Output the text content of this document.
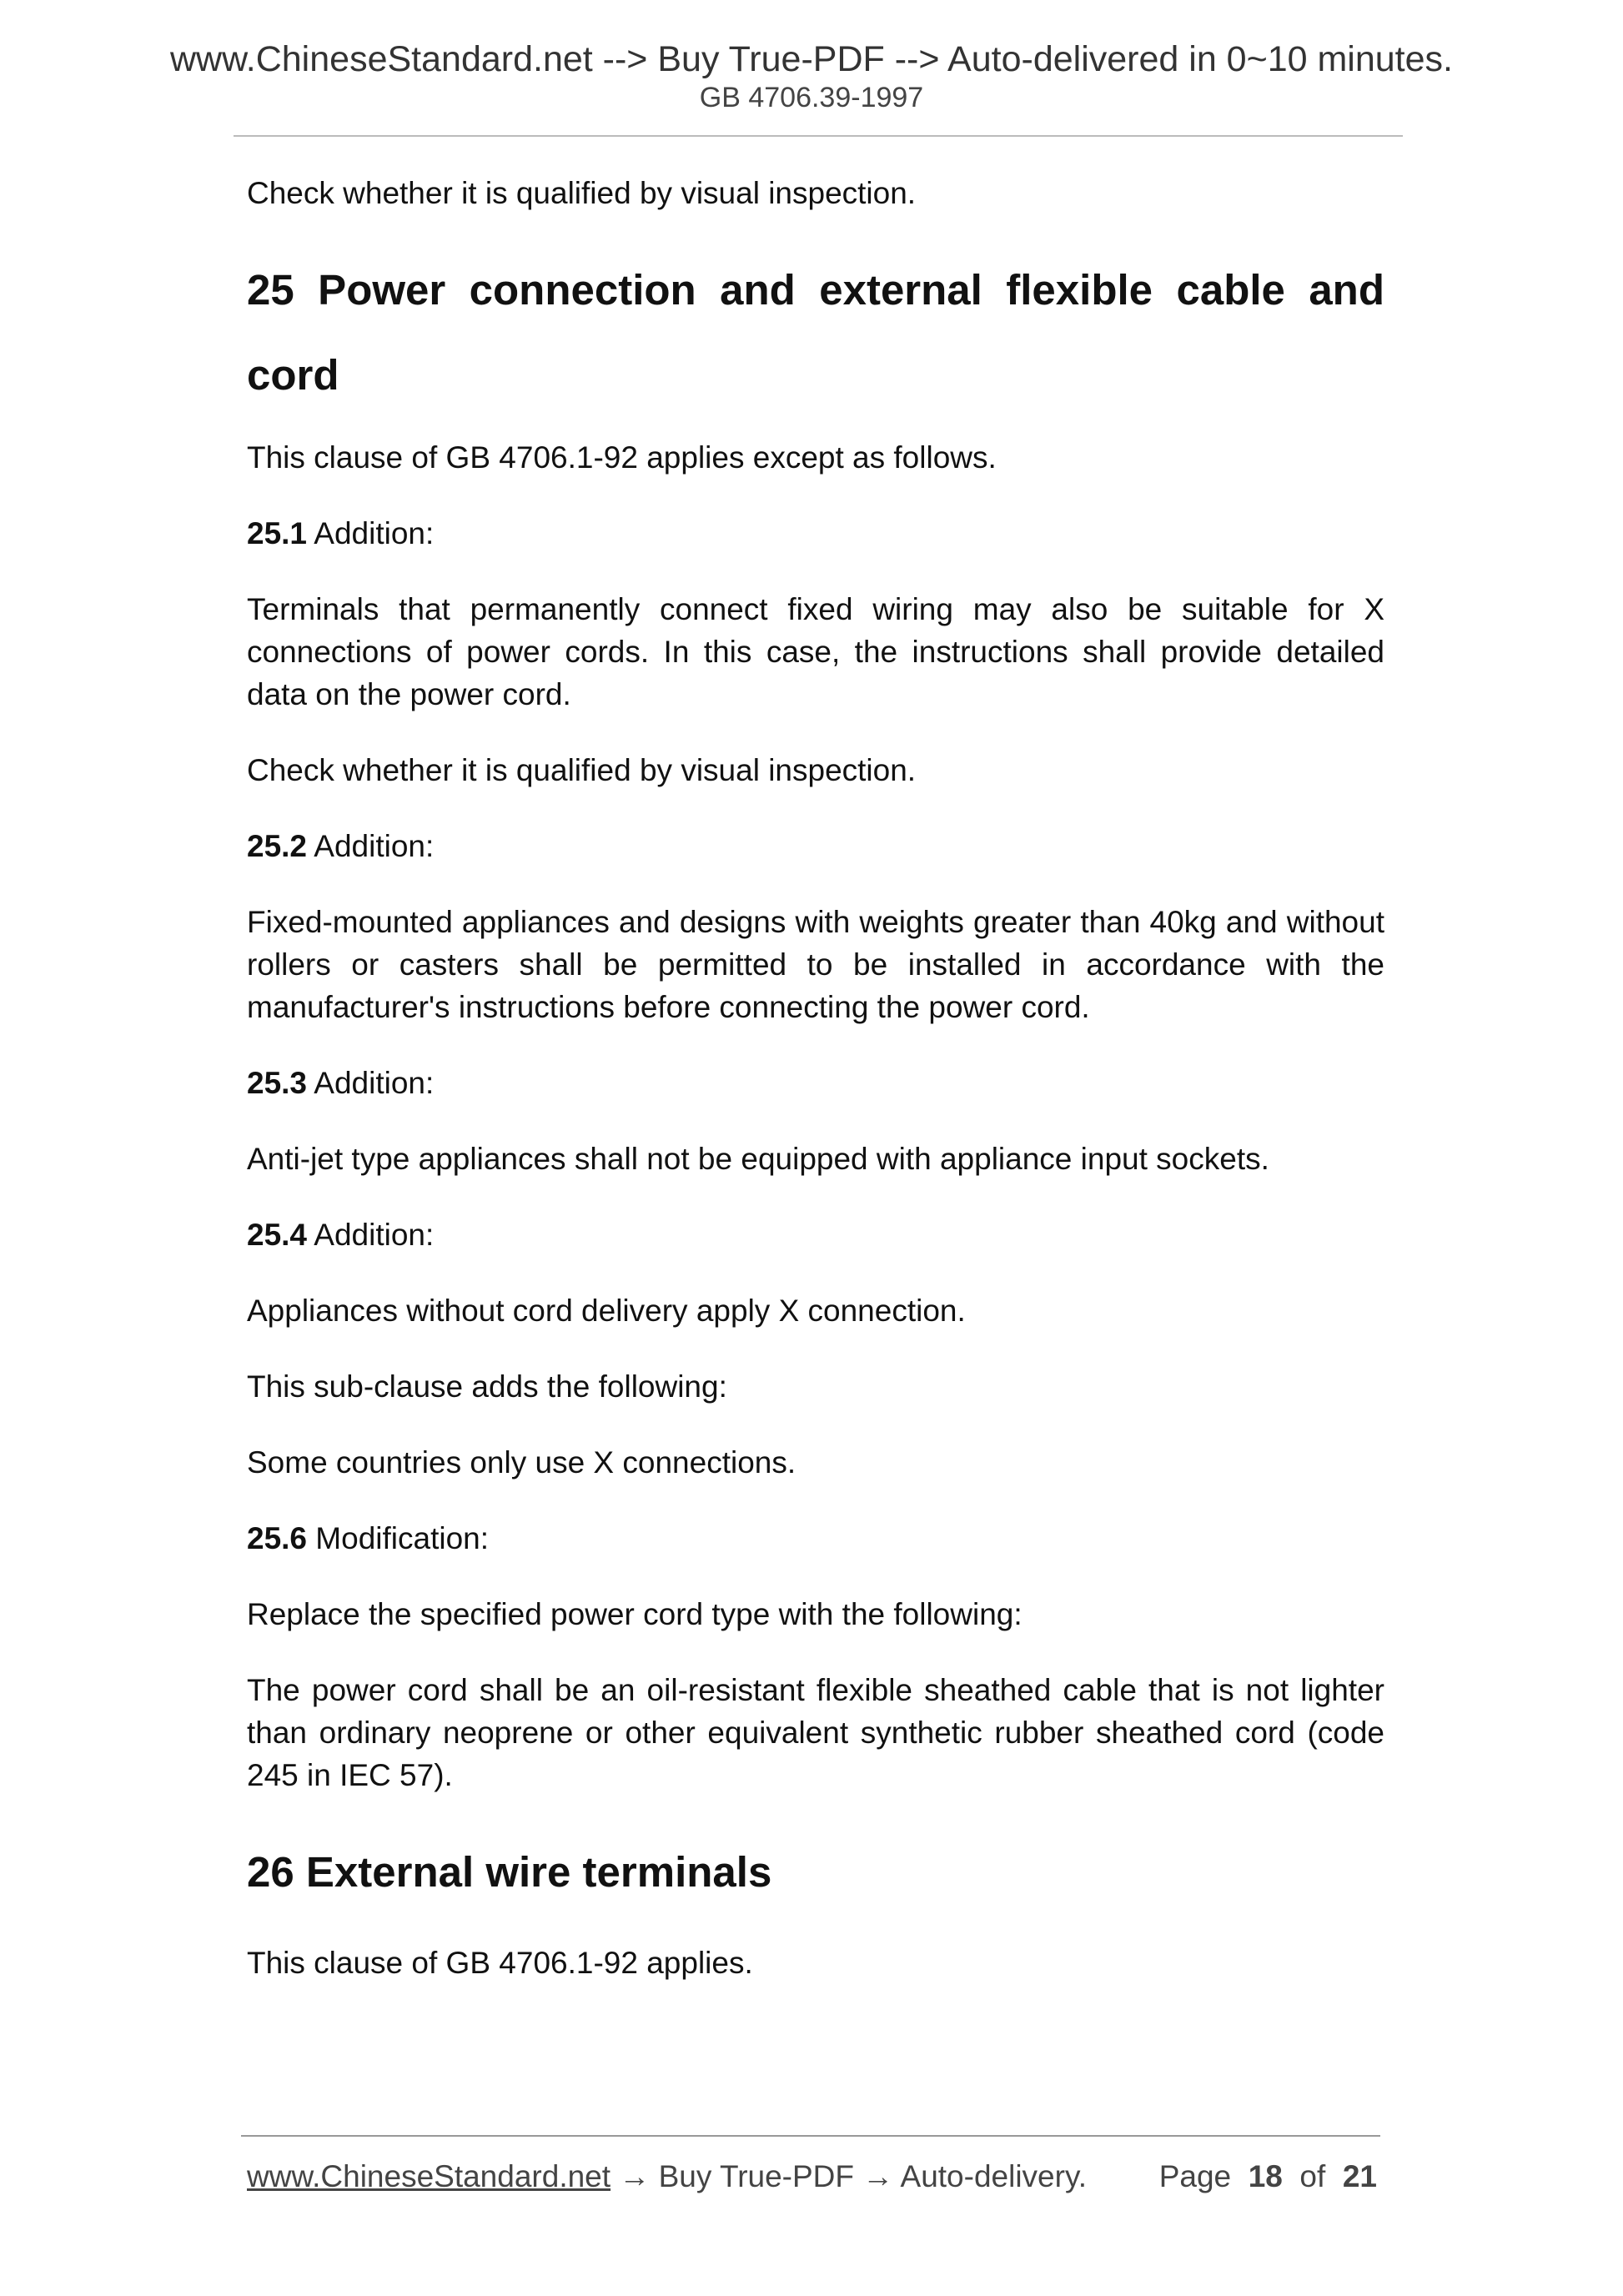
www.ChineseStandard.net --> Buy True-PDF --> Auto-delivered in 0~10 minutes.
GB 4706.39-1997

Check whether it is qualified by visual inspection.

25 Power connection and external flexible cable and cord

This clause of GB 4706.1-92 applies except as follows.

25.1 Addition:

Terminals that permanently connect fixed wiring may also be suitable for X connections of power cords. In this case, the instructions shall provide detailed data on the power cord.

Check whether it is qualified by visual inspection.

25.2 Addition:

Fixed-mounted appliances and designs with weights greater than 40kg and without rollers or casters shall be permitted to be installed in accordance with the manufacturer's instructions before connecting the power cord.

25.3 Addition:

Anti-jet type appliances shall not be equipped with appliance input sockets.

25.4 Addition:

Appliances without cord delivery apply X connection.

This sub-clause adds the following:

Some countries only use X connections.

25.6 Modification:

Replace the specified power cord type with the following:

The power cord shall be an oil-resistant flexible sheathed cable that is not lighter than ordinary neoprene or other equivalent synthetic rubber sheathed cord (code 245 in IEC 57).

26 External wire terminals

This clause of GB 4706.1-92 applies.

www.ChineseStandard.net → Buy True-PDF → Auto-delivery. Page 18 of 21
